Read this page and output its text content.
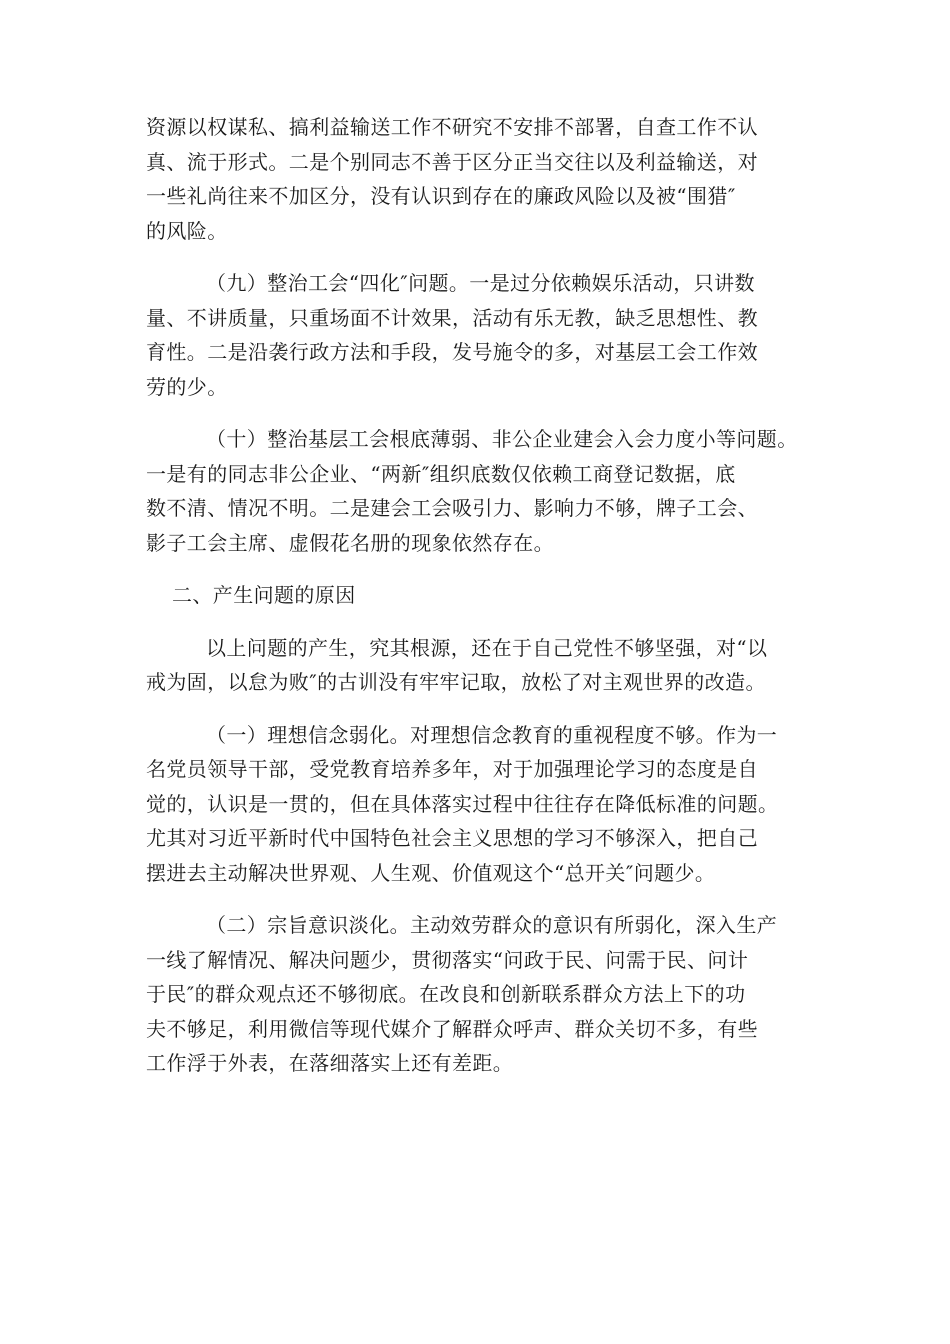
资源以权谋私、搞利益输送工作不研究不安排不部署，自查工作不认
真、流于形式。二是个别同志不善于区分正当交往以及利益输送，对
一些礼尚往来不加区分，没有认识到存在的廉政风险以及被“围猎″
的风险。

（九）整治工会“四化″问题。一是过分依赖娱乐活动，只讲数
量、不讲质量，只重场面不计效果，活动有乐无教，缺乏思想性、教
育性。二是沿袭行政方法和手段，发号施令的多，对基层工会工作效
劳的少。

（十）整治基层工会根底薄弱、非公企业建会入会力度小等问题。
一是有的同志非公企业、“两新″组织底数仅依赖工商登记数据，底
数不清、情况不明。二是建会工会吸引力、影响力不够，牌子工会、
影子工会主席、虚假花名册的现象依然存在。

二、产生问题的原因

以上问题的产生，究其根源，还在于自己党性不够坚强，对“以
戒为固，以怠为败″的古训没有牢牢记取，放松了对主观世界的改造。

（一）理想信念弱化。对理想信念教育的重视程度不够。作为一
名党员领导干部，受党教育培养多年，对于加强理论学习的态度是自
觉的，认识是一贯的，但在具体落实过程中往往存在降低标准的问题。
尤其对习近平新时代中国特色社会主义思想的学习不够深入，把自己
摆进去主动解决世界观、人生观、价值观这个“总开关″问题少。

（二）宗旨意识淡化。主动效劳群众的意识有所弱化，深入生产
一线了解情况、解决问题少，贯彻落实“问政于民、问需于民、问计
于民″的群众观点还不够彻底。在改良和创新联系群众方法上下的功
夫不够足，利用微信等现代媒介了解群众呼声、群众关切不多，有些
工作浮于外表，在落细落实上还有差距。
